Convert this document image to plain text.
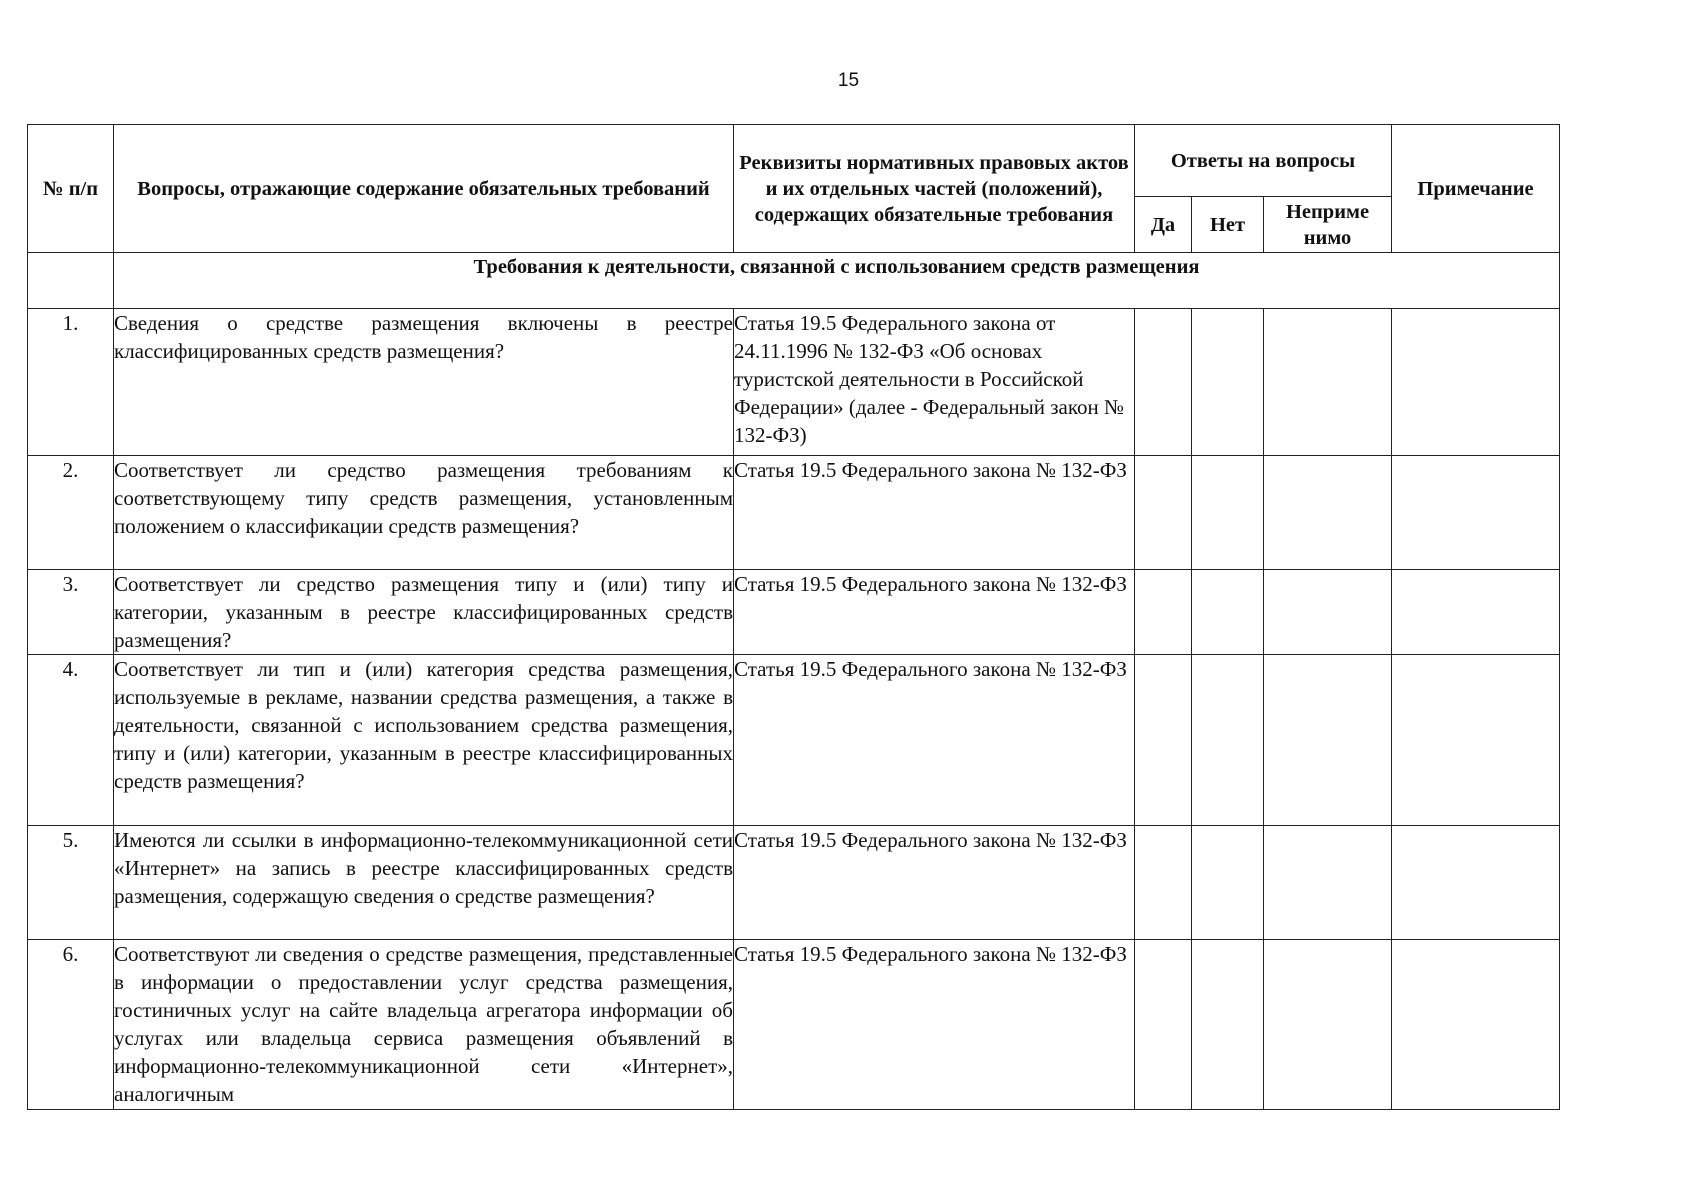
15
№ п/п	Вопросы, отражающие содержание обязательных требований	Реквизиты нормативных правовых актов и их отдельных частей (положений), содержащих обязательные требования	Ответы на вопросы			Примечание
			Да	Нет	Неприме нимо	
	Требования к деятельности, связанной с использованием средств размещения					
1.	Сведения о средстве размещения включены в реестре классифицированных средств размещения?	Статья 19.5 Федерального закона от 24.11.1996 № 132-ФЗ «Об основах туристской деятельности в Российской Федерации» (далее - Федеральный закон № 132-ФЗ)				
2.	Соответствует ли средство размещения требованиям к соответствующему типу средств размещения, установленным положением о классификации средств размещения?	Статья 19.5 Федерального закона № 132-ФЗ				
3.	Соответствует ли средство размещения типу и (или) типу и категории, указанным в реестре классифицированных средств размещения?	Статья 19.5 Федерального закона № 132-ФЗ				
4.	Соответствует ли тип и (или) категория средства размещения, используемые в рекламе, названии средства размещения, а также в деятельности, связанной с использованием средства размещения, типу и (или) категории, указанным в реестре классифицированных средств размещения?	Статья 19.5 Федерального закона № 132-ФЗ				
5.	Имеются ли ссылки в информационно-телекоммуникационной сети «Интернет» на запись в реестре классифицированных средств размещения, содержащую сведения о средстве размещения?	Статья 19.5 Федерального закона № 132-ФЗ				
6.	Соответствуют ли сведения о средстве размещения, представленные в информации о предоставлении услуг средства размещения, гостиничных услуг на сайте владельца агрегатора информации об услугах или владельца сервиса размещения объявлений в информационно-телекоммуникационной сети «Интернет», аналогичным	Статья 19.5 Федерального закона № 132-ФЗ				
